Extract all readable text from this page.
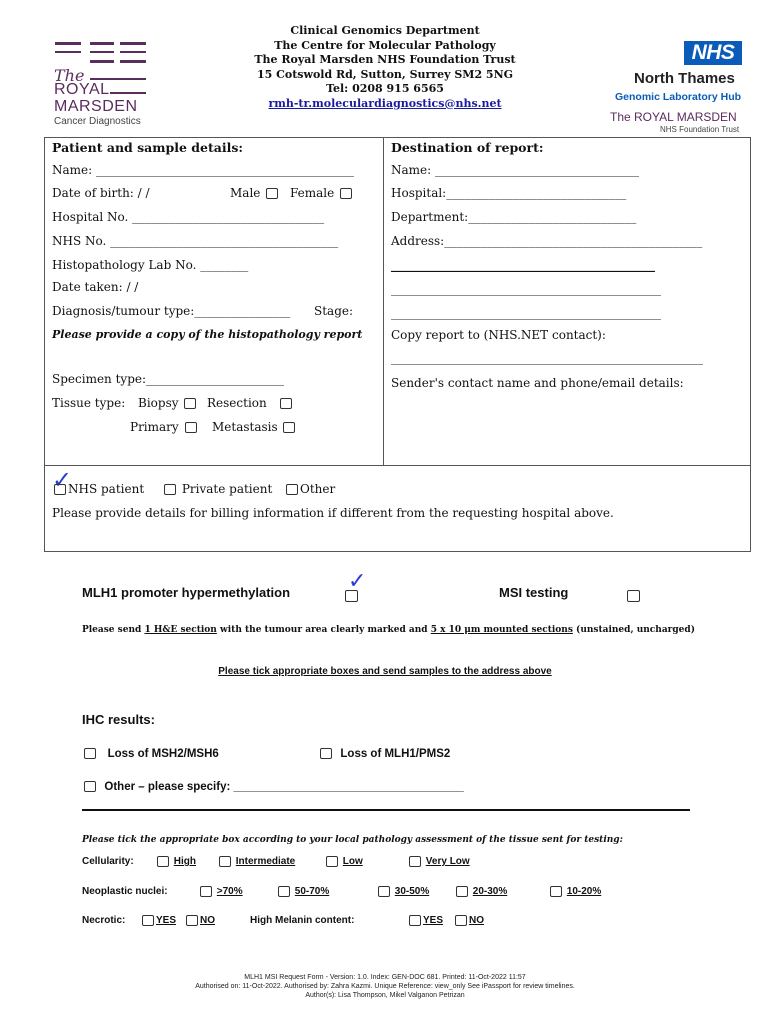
The
ROYAL
MARSDEN
Cancer Diagnostics
Clinical Genomics Department
The Centre for Molecular Pathology
The Royal Marsden NHS Foundation Trust
15 Cotswold Rd, Sutton, Surrey SM2 5NG
Tel: 0208 915 6565
rmh-tr.moleculardiagnostics@nhs.net
NHS
North Thames
Genomic Laboratory Hub
The ROYAL MARSDEN
NHS Foundation Trust
Patient and sample details:
Name: ___________________________________________
Date of birth: / /	Male	Female
Hospital No. ________________________________
NHS No. ______________________________________
Histopathology Lab No. ________
Date taken: / /
Diagnosis/tumour type:________________ Stage:
Please provide a copy of the histopathology report
Specimen type:_______________________
Tissue type: Biopsy	Resection
Primary	Metastasis
Destination of report:
Name: __________________________________
Hospital:______________________________
Department:____________________________
Address:___________________________________________
____________________________________________
_____________________________________________
_____________________________________________
Copy report to (NHS.NET contact):
____________________________________________________
Sender's contact name and phone/email details:
✓
NHS patient	Private patient	Other
Please provide details for billing information if different from the requesting hospital above.
MLH1 promoter hypermethylation	✓	MSI testing
Please send 1 H&E section with the tumour area clearly marked and 5 x 10 μm mounted sections (unstained, uncharged)
Please tick appropriate boxes and send samples to the address above
IHC results:
Loss of MSH2/MSH6	Loss of MLH1/PMS2
Other – please specify: ____________________________________
Please tick the appropriate box according to your local pathology assessment of the tissue sent for testing:
Cellularity:	High	Intermediate	Low	Very Low
Neoplastic nuclei:	>70%	50-70%	30-50%	20-30%	10-20%
Necrotic:	YES	NO	High Melanin content:	YES	NO
MLH1 MSI Request Form - Version: 1.0. Index: GEN-DOC 681. Printed: 11-Oct-2022 11:57
Authorised on: 11-Oct-2022. Authorised by: Zahra Kazmi. Unique Reference: view_only See iPassport for review timelines.
Author(s): Lisa Thompson, Mikel Valganon Petrizan
